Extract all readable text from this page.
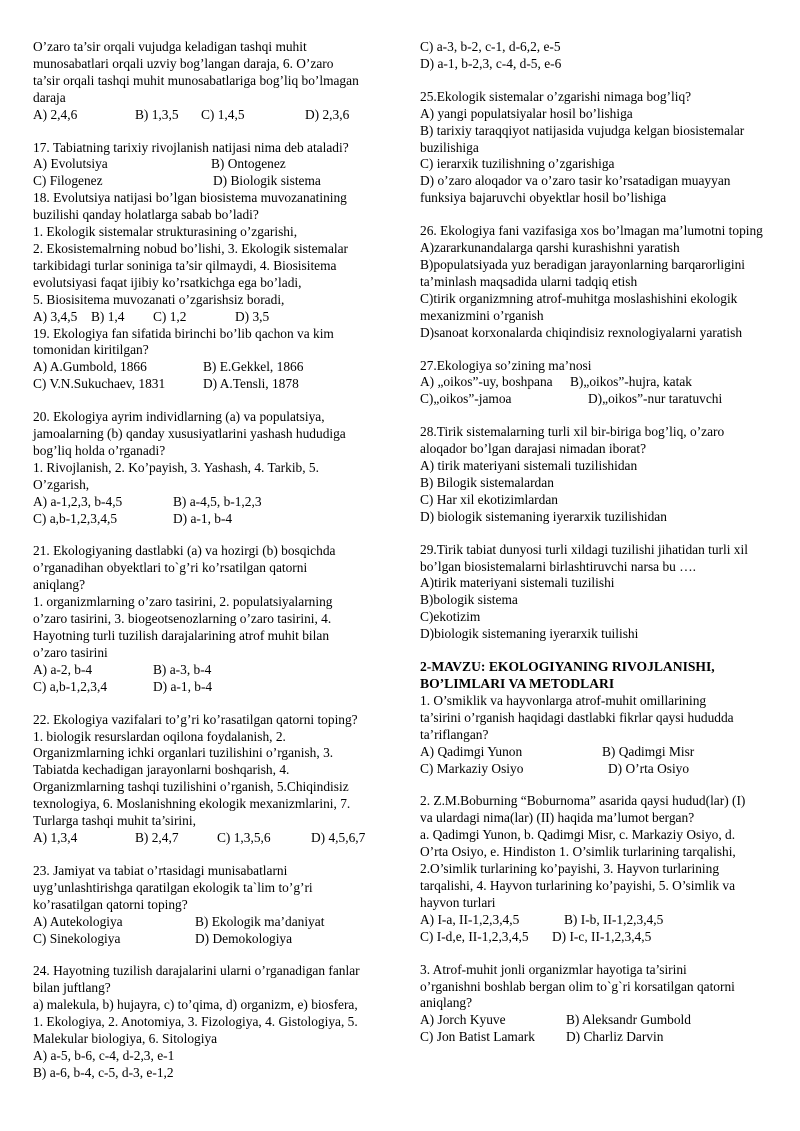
O’zaro ta’sir orqali vujudga keladigan tashqi muhit
munosabatlari orqali uzviy bog’langan daraja, 6. O’zaro
ta’sir orqali tashqi muhit munosabatlariga bog’liq bo’lmagan
daraja
A) 2,4,6	B) 1,3,5	C) 1,4,5	D) 2,3,6
17. Tabiatning tarixiy rivojlanish natijasi nima deb ataladi?
A) Evolutsiya	B) Ontogenez
C) Filogenez	D) Biologik sistema
18. Evolutsiya natijasi bo’lgan biosistema muvozanatining
buzilishi qanday holatlarga sabab bo’ladi?
1. Ekologik sistemalar strukturasining o’zgarishi,
2. Ekosistemalrning nobud bo’lishi, 3. Ekologik sistemalar
tarkibidagi turlar soniniga ta’sir qilmaydi, 4. Biosisitema
evolutsiyasi faqat ijibiy ko’rsatkichga ega bo’ladi,
5. Biosisitema muvozanati o’zgarishsiz boradi,
A) 3,4,5	B) 1,4	C) 1,2	D) 3,5
19. Ekologiya fan sifatida birinchi bo’lib qachon va kim
tomonidan kiritilgan?
A) A.Gumbold, 1866	B) E.Gekkel, 1866
C) V.N.Sukuchaev, 1831	D) A.Tensli, 1878
20. Ekologiya ayrim individlarning (a) va populatsiya,
jamoalarning (b) qanday xususiyatlarini yashash hududiga
bog’liq holda o’rganadi?
1. Rivojlanish, 2. Ko’payish, 3. Yashash, 4. Tarkib, 5.
O’zgarish,
A) a-1,2,3, b-4,5	B) a-4,5, b-1,2,3
C) a,b-1,2,3,4,5	D) a-1, b-4
21. Ekologiyaning dastlabki (a) va hozirgi (b) bosqichda
o’rganadihan obyektlari to`g’ri ko’rsatilgan qatorni
aniqlang?
1. organizmlarning o’zaro tasirini, 2. populatsiyalarning
o’zaro tasirini, 3. biogeotsenozlarning o’zaro tasirini, 4.
Hayotning turli tuzilish darajalarining atrof muhit bilan
o’zaro tasirini
A) a-2, b-4	B) a-3, b-4
C) a,b-1,2,3,4	D) a-1, b-4
22. Ekologiya vazifalari to’g’ri ko’rasatilgan qatorni toping?
1. biologik resurslardan oqilona foydalanish, 2.
Organizmlarning ichki organlari tuzilishini o’rganish, 3.
Tabiatda kechadigan jarayonlarni boshqarish, 4.
Organizmlarning tashqi tuzilishini o’rganish, 5.Chiqindisiz
texnologiya, 6. Moslanishning ekologik mexanizmlarini, 7.
Turlarga tashqi muhit ta’sirini,
A) 1,3,4	B) 2,4,7	C) 1,3,5,6	D) 4,5,6,7
23. Jamiyat va tabiat o’rtasidagi munisabatlarni
uyg’unlashtirishga qaratilgan ekologik ta`lim to’g’ri
ko’rasatilgan qatorni toping?
A) Autekologiya	B) Ekologik ma’daniyat
C) Sinekologiya	D) Demokologiya
24. Hayotning tuzilish darajalarini ularni o’rganadigan fanlar
bilan juftlang?
a) malekula, b) hujayra, c) to’qima, d) organizm, e) biosfera,
1. Ekologiya, 2. Anotomiya, 3. Fizologiya, 4. Gistologiya, 5.
Malekular biologiya, 6. Sitologiya
A) a-5, b-6, c-4, d-2,3, e-1
B) a-6, b-4, c-5, d-3, e-1,2
C) a-3, b-2, c-1, d-6,2, e-5
D) a-1, b-2,3, c-4, d-5, e-6
25.Ekologik sistemalar o’zgarishi nimaga bog’liq?
A) yangi populatsiyalar hosil bo’lishiga
B) tarixiy taraqqiyot natijasida vujudga kelgan biosistemalar
buzilishiga
C) ierarxik tuzilishning o’zgarishiga
D) o’zaro aloqador va o’zaro tasir ko’rsatadigan muayyan
funksiya bajaruvchi obyektlar hosil bo’lishiga
26. Ekologiya fani vazifasiga xos bo’lmagan ma’lumotni toping
A)zararkunandalarga qarshi kurashishni yaratish
B)populatsiyada yuz beradigan jarayonlarning barqarorligini
ta’minlash maqsadida ularni tadqiq etish
C)tirik organizmning atrof-muhitga moslashishini ekologik
mexanizmini o’rganish
D)sanoat korxonalarda chiqindisiz rexnologiyalarni yaratish
27.Ekologiya so’zining ma’nosi
A) „oikos”-uy, boshpana	B)„oikos”-hujra, katak
C)„oikos”-jamoa	D)„oikos”-nur taratuvchi
28.Tirik sistemalarning turli xil bir-biriga bog’liq, o’zaro
aloqador bo’lgan darajasi nimadan iborat?
A) tirik materiyani sistemali tuzilishidan
B) Bilogik sistemalardan
C) Har xil ekotizimlardan
D) biologik sistemaning iyerarxik tuzilishidan
29.Tirik tabiat dunyosi turli xildagi tuzilishi jihatidan turli xil
bo’lgan biosistemalarni birlashtiruvchi narsa bu ….
A)tirik materiyani sistemali tuzilishi
B)bologik sistema
C)ekotizim
D)biologik sistemaning iyerarxik tuilishi
2-MAVZU: EKOLOGIYANING RIVOJLANISHI,
BO’LIMLARI VA METODLARI
1. O’smiklik va hayvonlarga atrof-muhit omillarining
ta’sirini o’rganish haqidagi dastlabki fikrlar qaysi hududda
ta’riflangan?
A) Qadimgi Yunon	B) Qadimgi Misr
C) Markaziy Osiyo	D) O’rta Osiyo
2. Z.M.Boburning “Boburnoma” asarida qaysi hudud(lar) (I)
va ulardagi nima(lar) (II) haqida ma’lumot bergan?
a. Qadimgi Yunon, b. Qadimgi Misr, c. Markaziy Osiyo, d.
O’rta Osiyo, e. Hindiston 1. O’simlik turlarining tarqalishi,
2.O’simlik turlarining ko’payishi, 3. Hayvon turlarining
tarqalishi, 4. Hayvon turlarining ko’payishi, 5. O’simlik va
hayvon turlari
A) I-a, II-1,2,3,4,5	B) I-b, II-1,2,3,4,5
C) I-d,e, II-1,2,3,4,5	D) I-c, II-1,2,3,4,5
3. Atrof-muhit jonli organizmlar hayotiga ta’sirini
o’rganishni boshlab bergan olim to`g`ri korsatilgan qatorni
aniqlang?
A) Jorch Kyuve	B) Aleksandr Gumbold
C) Jon Batist Lamark	D) Charliz Darvin
